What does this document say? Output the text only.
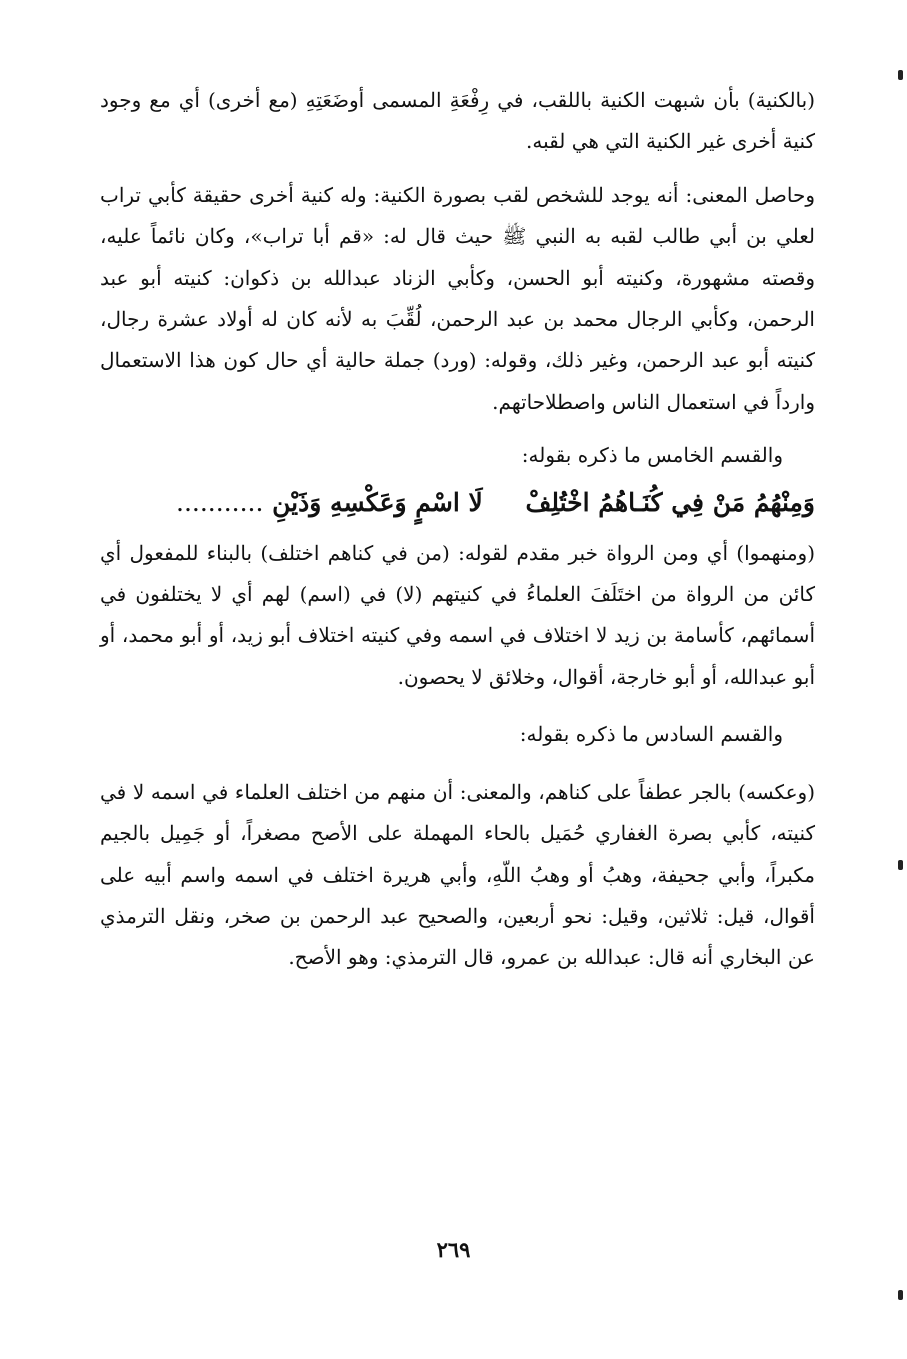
(بالكنية) بأن شبهت الكنية باللقب، في رِفْعَةِ المسمى أوضَعَتِهِ (مع أخرى) أي مع وجود كنية أخرى غير الكنية التي هي لقبه.

وحاصل المعنى: أنه يوجد للشخص لقب بصورة الكنية: وله كنية أخرى حقيقة كأبي تراب لعلي بن أبي طالب لقبه به النبي ﷺ حيث قال له: «قم أبا تراب»، وكان نائماً عليه، وقصته مشهورة، وكنيته أبو الحسن، وكأبي الزناد عبدالله بن ذكوان: كنيته أبو عبد الرحمن، وكأبي الرجال محمد بن عبد الرحمن، لُقِّبَ به لأنه كان له أولاد عشرة رجال، كنيته أبو عبد الرحمن، وغير ذلك، وقوله: (ورد) جملة حالية أي حال كون هذا الاستعمال وارداً في استعمال الناس واصطلاحاتهم.

والقسم الخامس ما ذكره بقوله:

وَمِنْهُمُ مَنْ فِي كُنَـاهُمُ اخْتُلِفْ لَا اسْمٍ وَعَكْسِهِ وَذَيْنِ ...........

(ومنهموا) أي ومن الرواة خبر مقدم لقوله: (من في كناهم اختلف) بالبناء للمفعول أي كائن من الرواة من اختَلَفَ العلماءُ في كنيتهم (لا) في (اسم) لهم أي لا يختلفون في أسمائهم، كأسامة بن زيد لا اختلاف في اسمه وفي كنيته اختلاف أبو زيد، أو أبو محمد، أو أبو عبدالله، أو أبو خارجة، أقوال، وخلائق لا يحصون.

والقسم السادس ما ذكره بقوله:

(وعكسه) بالجر عطفاً على كناهم، والمعنى: أن منهم من اختلف العلماء في اسمه لا في كنيته، كأبي بصرة الغفاري حُمَيل بالحاء المهملة على الأصح مصغراً، أو جَمِيل بالجيم مكبراً، وأبي جحيفة، وهبُ أو وهبُ اللّهِ، وأبي هريرة اختلف في اسمه واسم أبيه على أقوال، قيل: ثلاثين، وقيل: نحو أربعين، والصحيح عبد الرحمن بن صخر، ونقل الترمذي عن البخاري أنه قال: عبدالله بن عمرو، قال الترمذي: وهو الأصح.

٢٦٩
